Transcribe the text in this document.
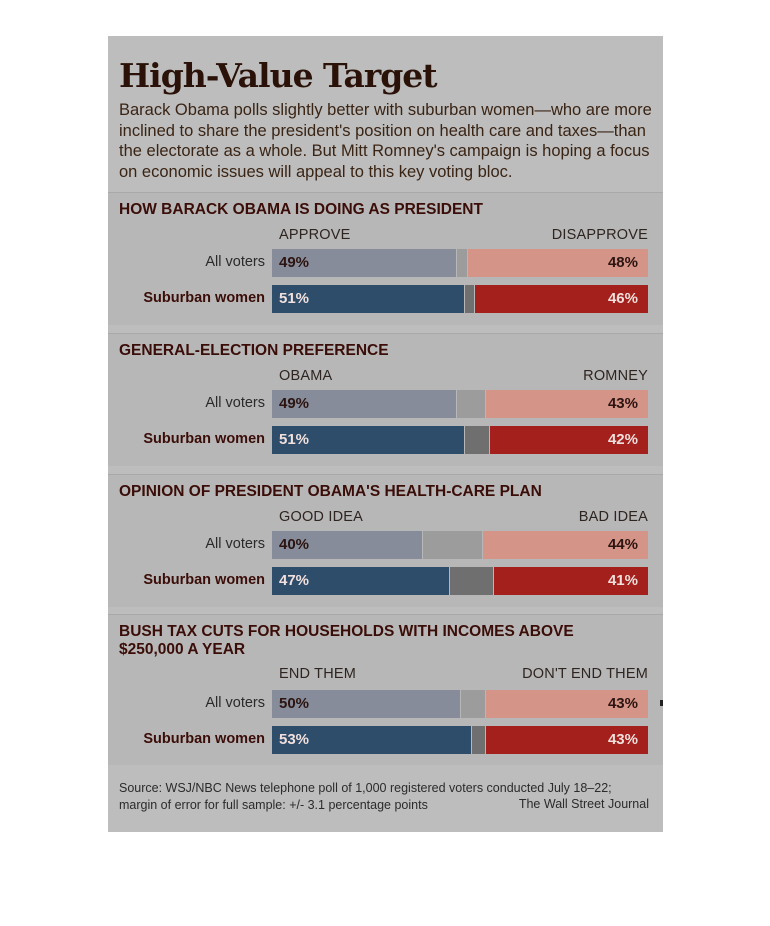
High-Value Target

Barack Obama polls slightly better with suburban women—who are more inclined to share the president's position on health care and taxes—than the electorate as a whole. But Mitt Romney's campaign is hoping a focus on economic issues will appeal to this key voting bloc.

HOW BARACK OBAMA IS DOING AS PRESIDENT
APPROVE	DISAPPROVE
All voters 49%	48%
Suburban women 51%	46%
GENERAL-ELECTION PREFERENCE
OBAMA	ROMNEY
All voters 49%	43%
Suburban women 51%	42%
OPINION OF PRESIDENT OBAMA'S HEALTH-CARE PLAN
GOOD IDEA	BAD IDEA
All voters 40%	44%
Suburban women 47%	41%
BUSH TAX CUTS FOR HOUSEHOLDS WITH INCOMES ABOVE $250,000 A YEAR
END THEM	DON'T END THEM
All voters 50%	43%
Suburban women 53%	43%
Source: WSJ/NBC News telephone poll of 1,000 registered voters conducted July 18–22; margin of error for full sample: +/- 3.1 percentage points	The Wall Street Journal
